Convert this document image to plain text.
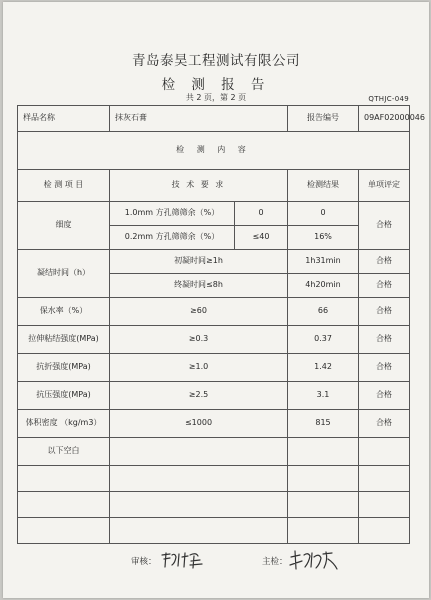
青岛泰昊工程测试有限公司
检 测 报 告
共 2 页，第 2 页	QTHJC-049
样品名称	抹灰石膏		报告编号	09AF02000046
检 测 内 容				
检 测 项 目	技 术 要 求		检测结果	单项评定
细度	1.0mm 方孔筛筛余（%）	0	0	合格
	0.2mm 方孔筛筛余（%）	≤40	16%	
凝结时间（h）	初凝时间≥1h		1h31min	合格
	终凝时间≤8h		4h20min	合格
保水率（%）	≥60		66	合格
拉伸粘结强度(MPa)	≥0.3		0.37	合格
抗折强度(MPa)	≥1.0		1.42	合格
抗压强度(MPa)	≥2.5		3.1	合格
体积密度 （kg/m3）	≤1000		815	合格
以下空白				

审核：	主检：
